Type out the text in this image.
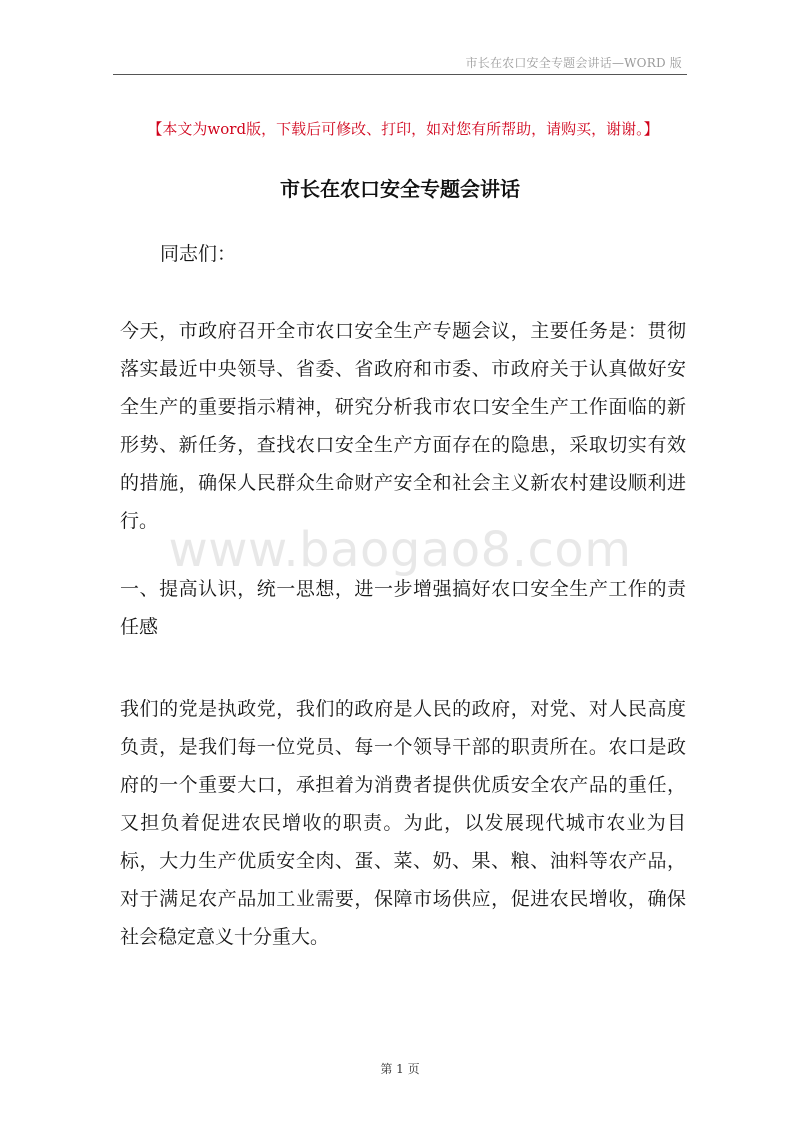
市长在农口安全专题会讲话—WORD 版
【本文为word版，下载后可修改、打印，如对您有所帮助，请购买，谢谢。】
市长在农口安全专题会讲话
同志们：

今天，市政府召开全市农口安全生产专题会议，主要任务是：贯彻落实最近中央领导、省委、省政府和市委、市政府关于认真做好安全生产的重要指示精神，研究分析我市农口安全生产工作面临的新形势、新任务，查找农口安全生产方面存在的隐患，采取切实有效的措施，确保人民群众生命财产安全和社会主义新农村建设顺利进行。

www.baogao8.com

一、提高认识，统一思想，进一步增强搞好农口安全生产工作的责任感

我们的党是执政党，我们的政府是人民的政府，对党、对人民高度负责，是我们每一位党员、每一个领导干部的职责所在。农口是政府的一个重要大口，承担着为消费者提供优质安全农产品的重任，又担负着促进农民增收的职责。为此，以发展现代城市农业为目标，大力生产优质安全肉、蛋、菜、奶、果、粮、油料等农产品，对于满足农产品加工业需要，保障市场供应，促进农民增收，确保社会稳定意义十分重大。

第 1 页
